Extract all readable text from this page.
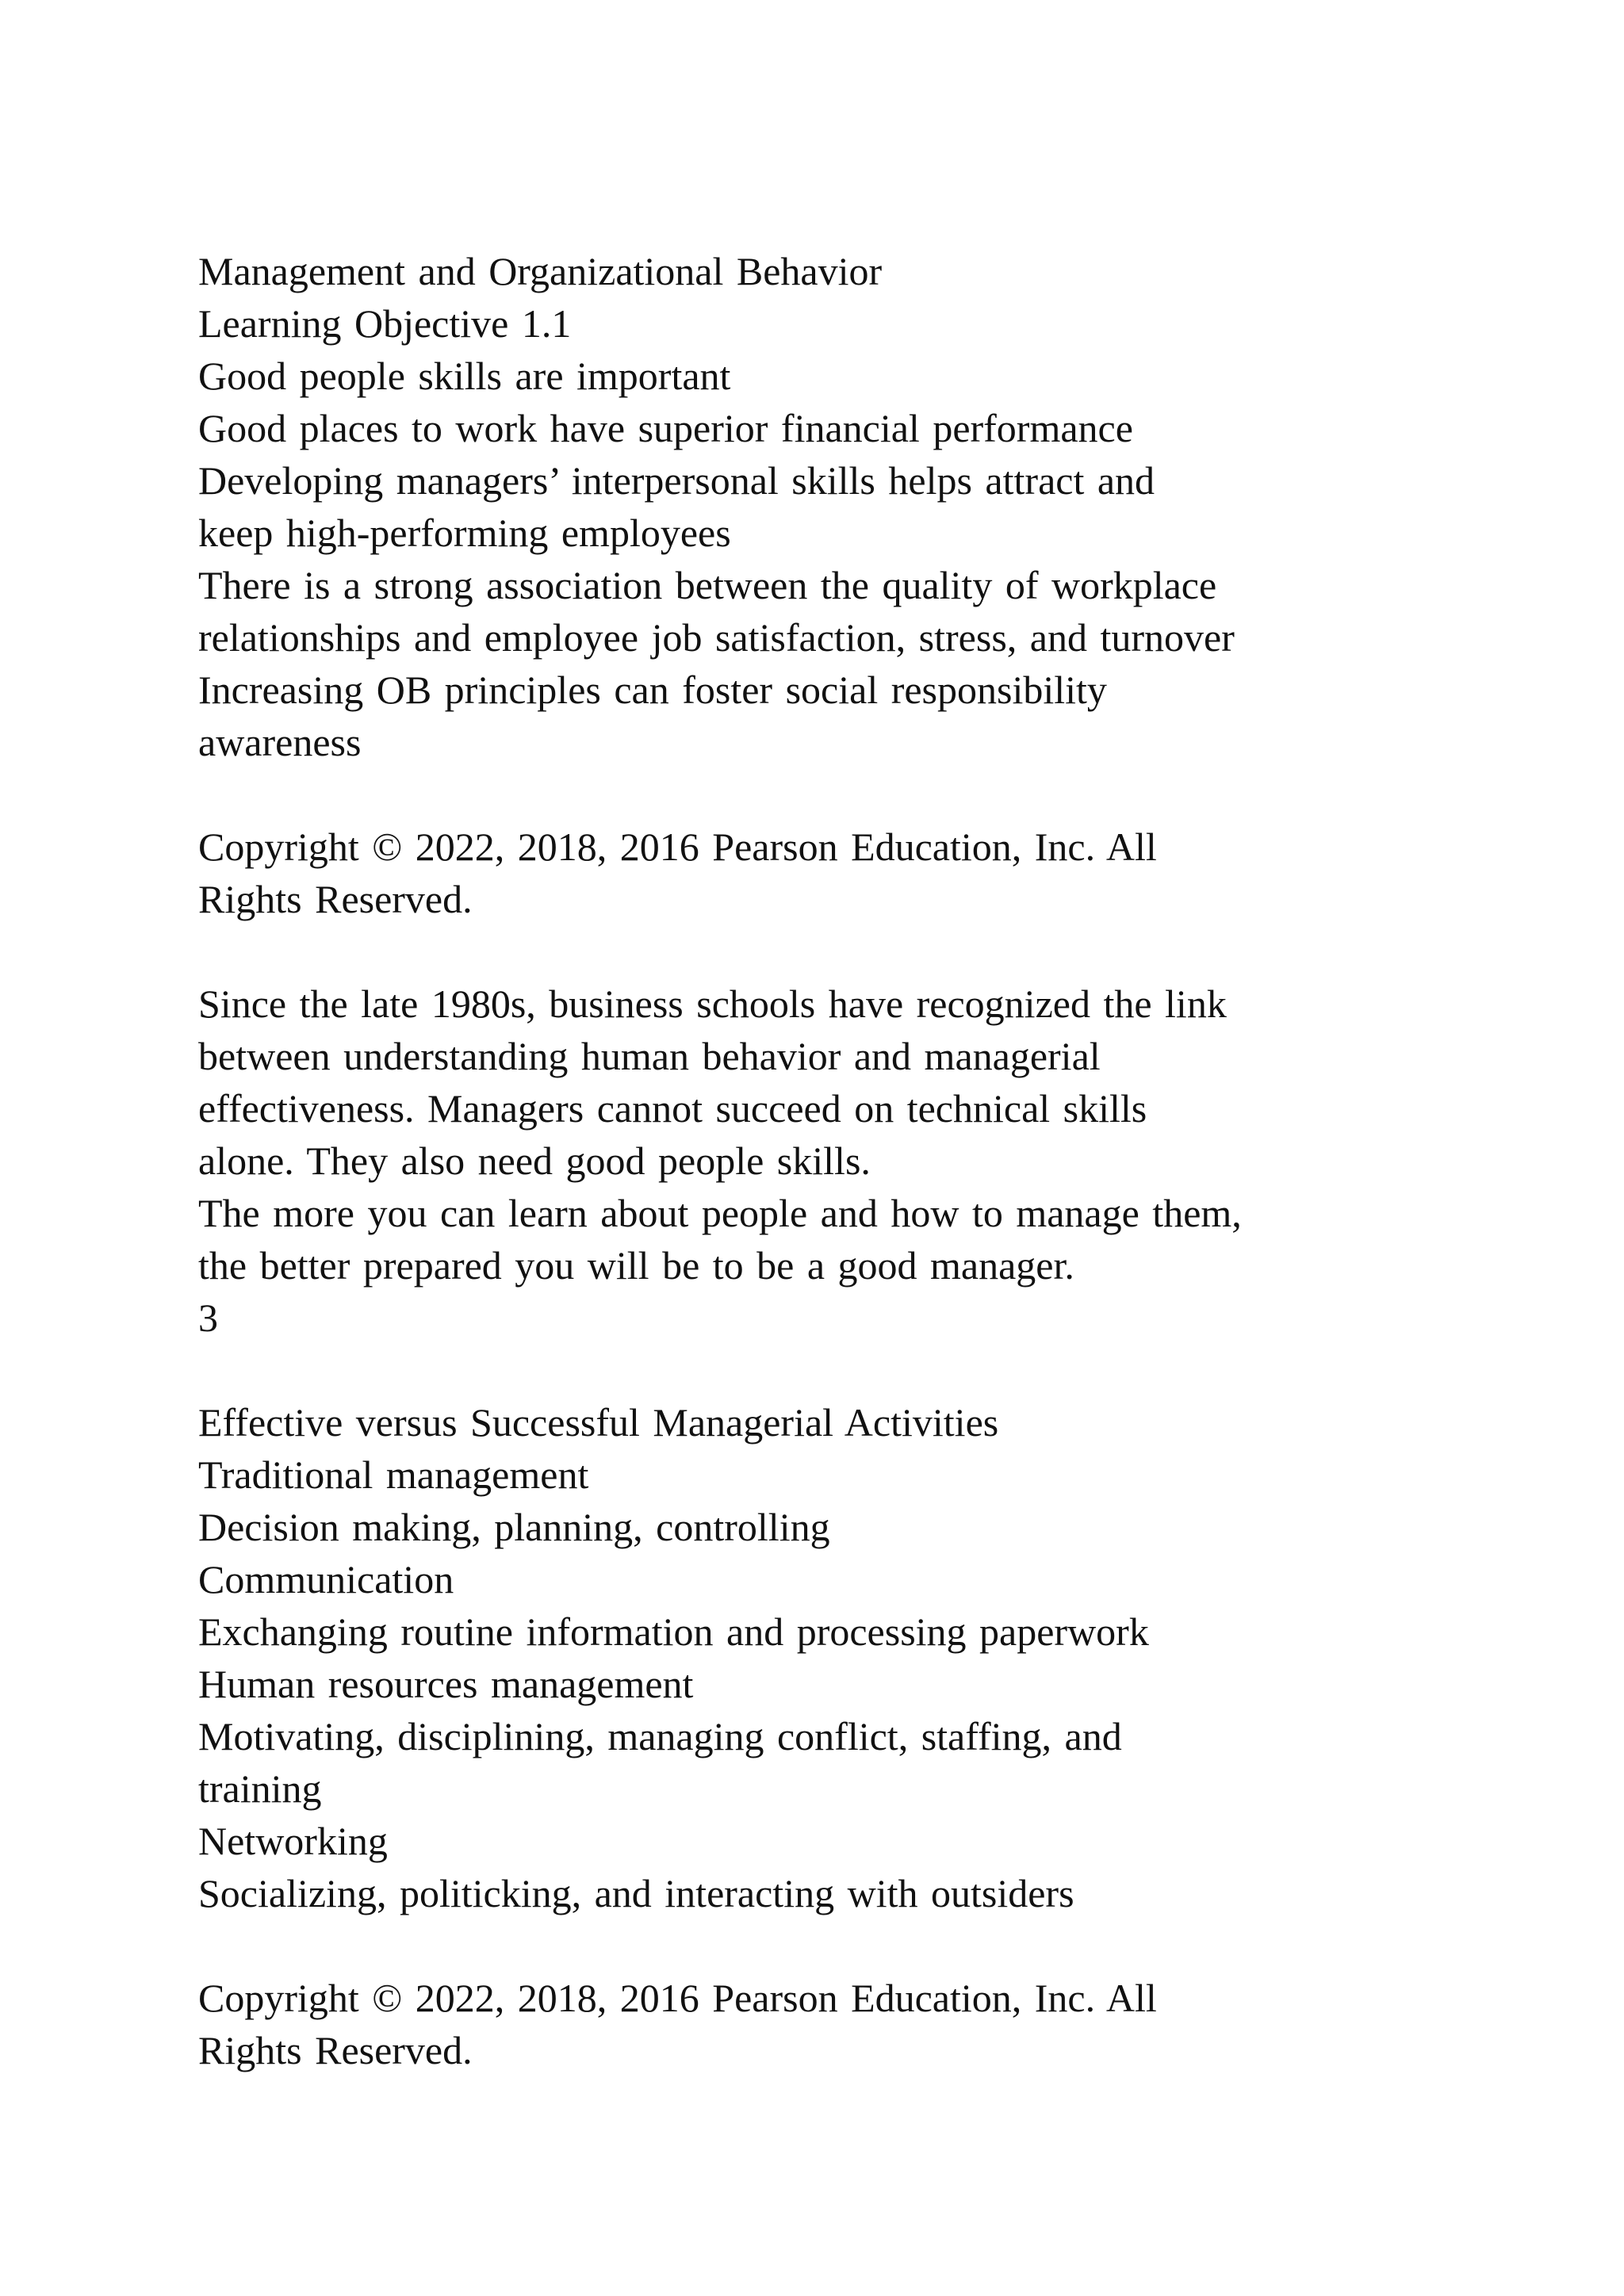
Management and Organizational Behavior
Learning Objective 1.1
Good people skills are important
Good places to work have superior financial performance
Developing managers’ interpersonal skills helps attract and
keep high-performing employees
There is a strong association between the quality of workplace
relationships and employee job satisfaction, stress, and turnover
Increasing OB principles can foster social responsibility
awareness
Copyright © 2022, 2018, 2016 Pearson Education, Inc. All
Rights Reserved.
Since the late 1980s, business schools have recognized the link
between understanding human behavior and managerial
effectiveness. Managers cannot succeed on technical skills
alone. They also need good people skills.
The more you can learn about people and how to manage them,
the better prepared you will be to be a good manager.
3
Effective versus Successful Managerial Activities
Traditional management
Decision making, planning, controlling
Communication
Exchanging routine information and processing paperwork
Human resources management
Motivating, disciplining, managing conflict, staffing, and
training
Networking
Socializing, politicking, and interacting with outsiders
Copyright © 2022, 2018, 2016 Pearson Education, Inc. All
Rights Reserved.
